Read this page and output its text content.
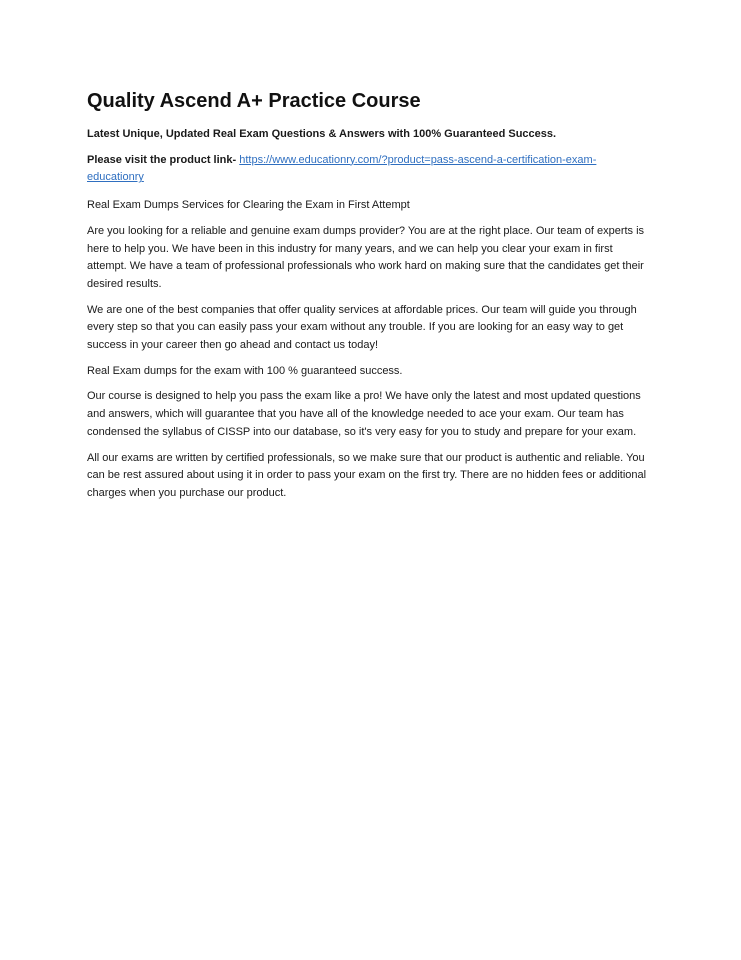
Quality Ascend A+ Practice Course

Latest Unique, Updated Real Exam Questions & Answers with 100% Guaranteed Success.

Please visit the product link- https://www.educationry.com/?product=pass-ascend-a-certification-exam-educationry

Real Exam Dumps Services for Clearing the Exam in First Attempt

Are you looking for a reliable and genuine exam dumps provider? You are at the right place. Our team of experts is here to help you. We have been in this industry for many years, and we can help you clear your exam in first attempt. We have a team of professional professionals who work hard on making sure that the candidates get their desired results.

We are one of the best companies that offer quality services at affordable prices. Our team will guide you through every step so that you can easily pass your exam without any trouble. If you are looking for an easy way to get success in your career then go ahead and contact us today!

Real Exam dumps for the exam with 100 % guaranteed success.

Our course is designed to help you pass the exam like a pro! We have only the latest and most updated questions and answers, which will guarantee that you have all of the knowledge needed to ace your exam. Our team has condensed the syllabus of CISSP into our database, so it's very easy for you to study and prepare for your exam.

All our exams are written by certified professionals, so we make sure that our product is authentic and reliable. You can be rest assured about using it in order to pass your exam on the first try. There are no hidden fees or additional charges when you purchase our product.
